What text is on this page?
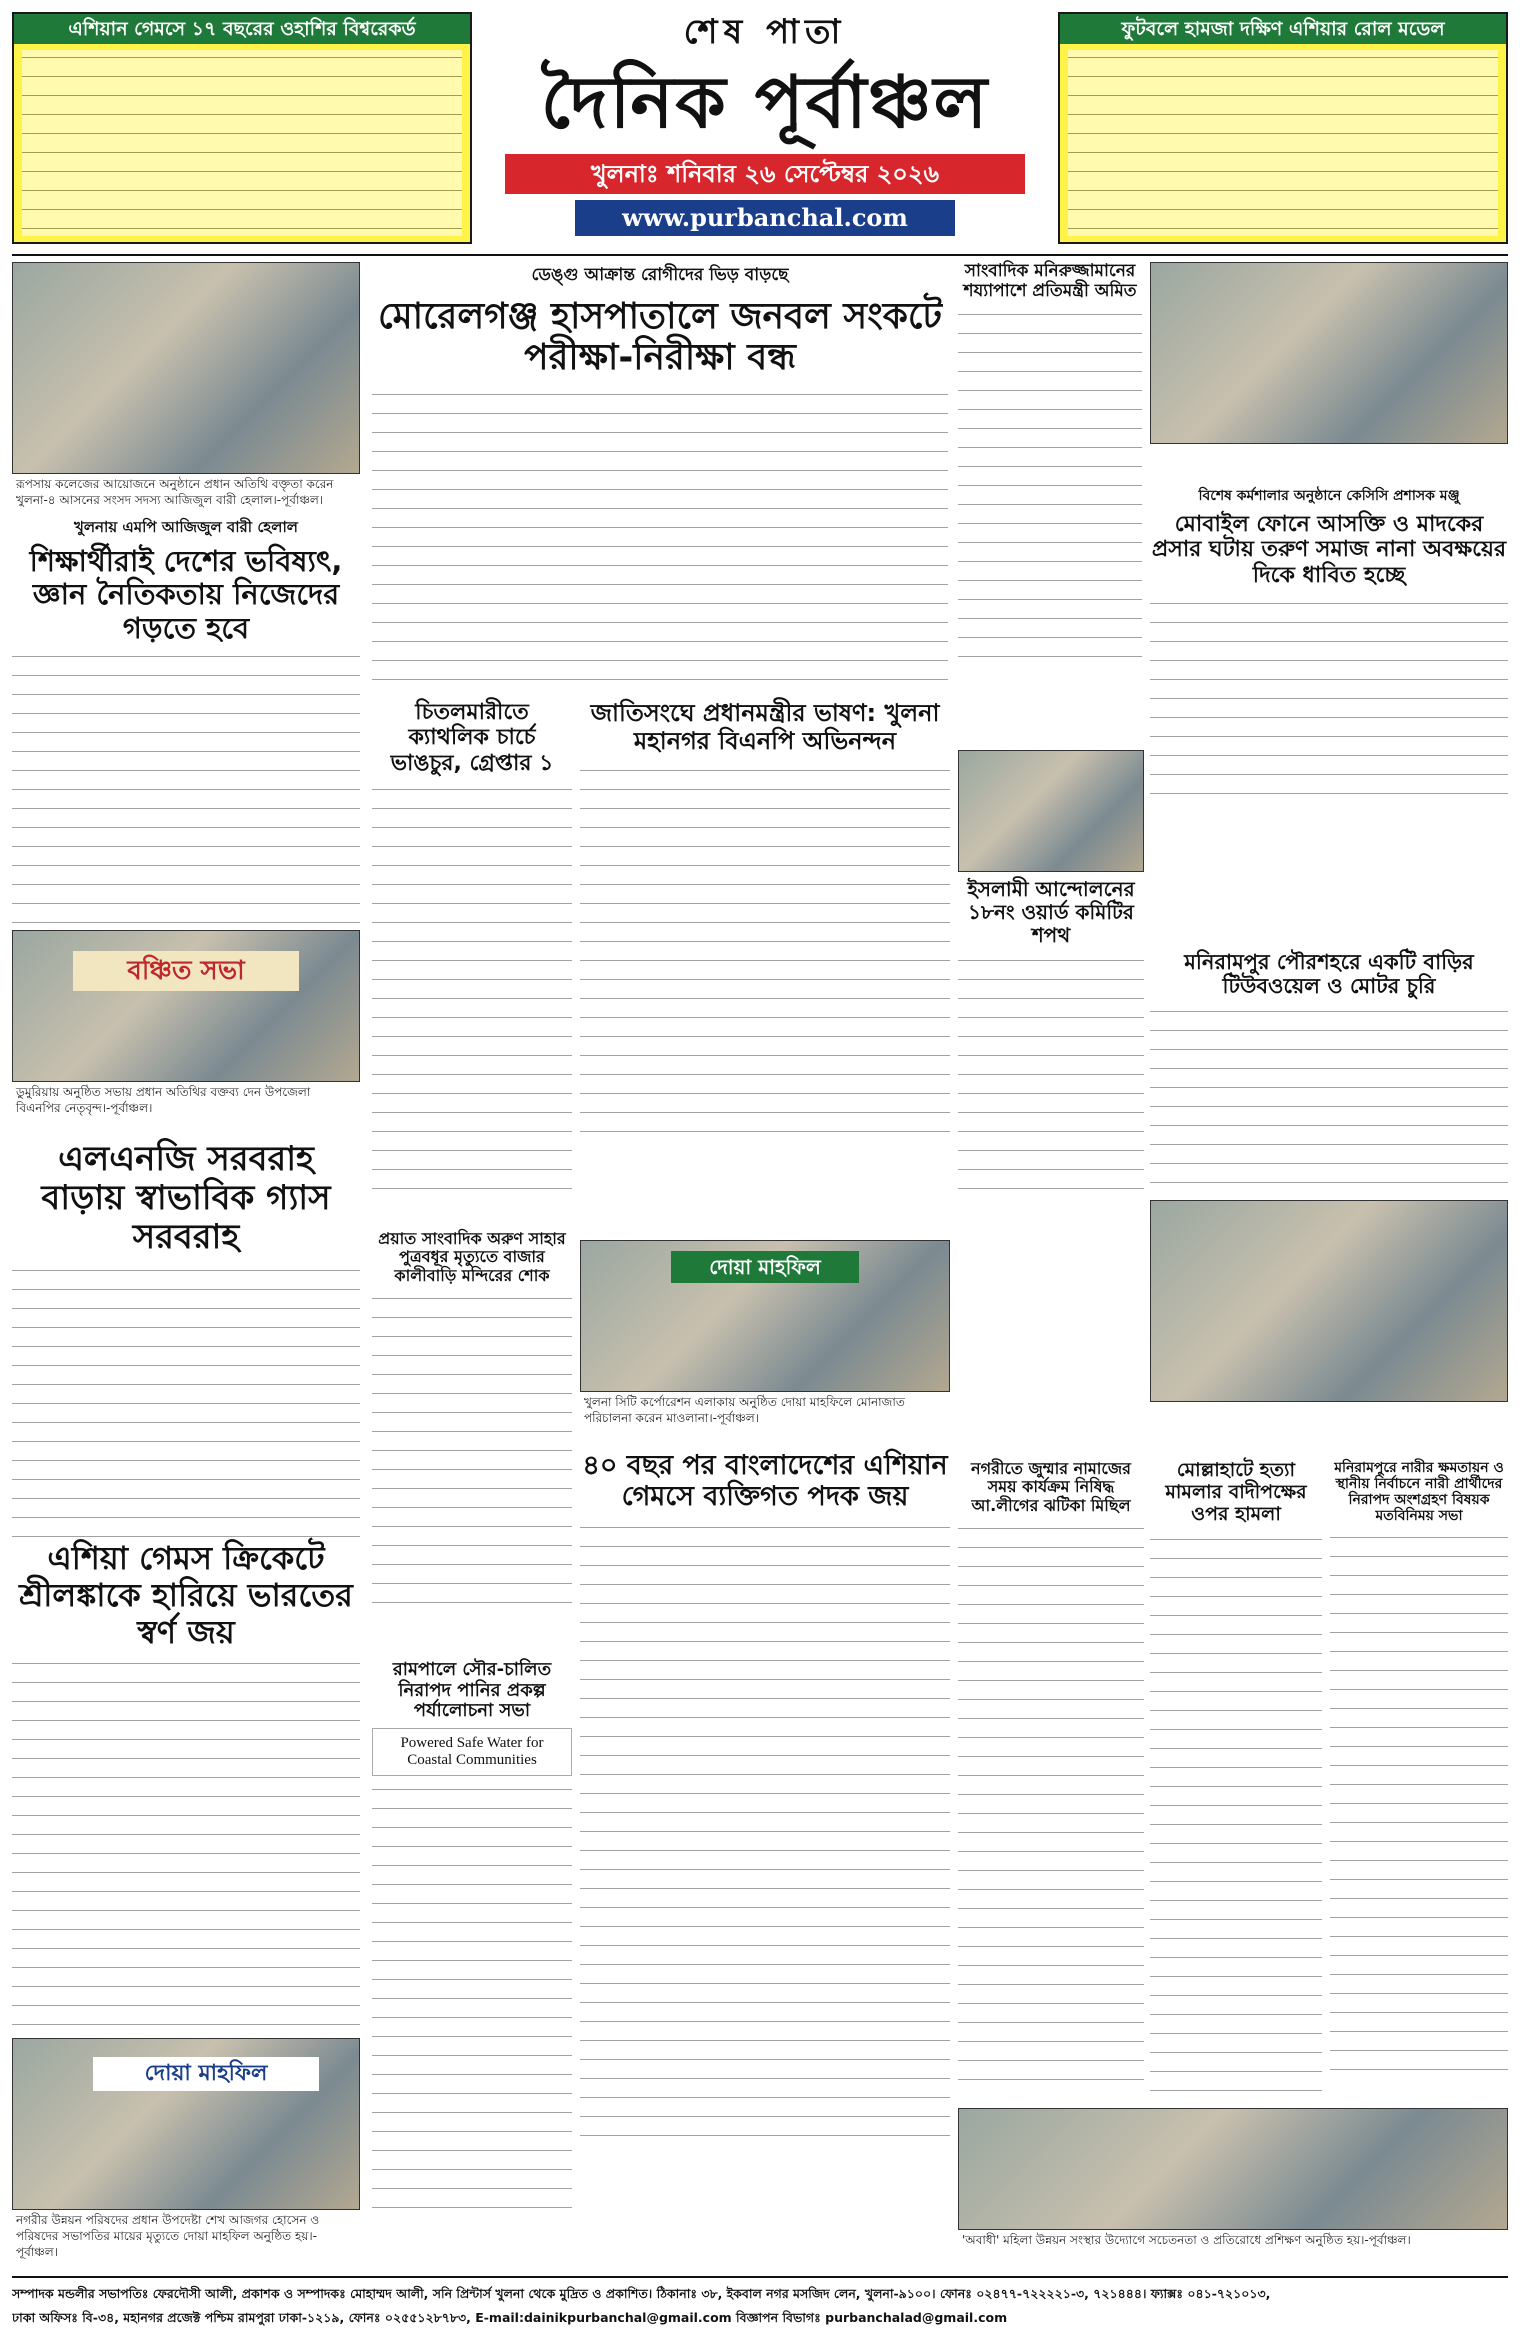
এশিয়ান গেমসে ১৭ বছরের ওহাশির বিশ্বরেকর্ড	শেষ পাতা
দৈনিক পূর্বাঞ্চল
খুলনাঃ শনিবার ২৬ সেপ্টেম্বর ২০২৬
www.purbanchal.com
ফুটবলে হামজা দক্ষিণ এশিয়ার রোল মডেল
রূপসায় কলেজের আয়োজনে অনুষ্ঠানে প্রধান অতিথি বক্তৃতা করেন খুলনা-৪ আসনের সংসদ সদস্য আজিজুল বারী হেলাল।-পূর্বাঞ্চল।
খুলনায় এমপি আজিজুল বারী হেলাল
শিক্ষার্থীরাই দেশের ভবিষ্যৎ, জ্ঞান নৈতিকতায় নিজেদের গড়তে হবে
বঞ্চিত সভা
ডুমুরিয়ায় অনুষ্ঠিত সভায় প্রধান অতিথির বক্তব্য দেন উপজেলা বিএনপির নেতৃবৃন্দ।-পূর্বাঞ্চল।
এলএনজি সরবরাহ বাড়ায় স্বাভাবিক গ্যাস সরবরাহ
এশিয়া গেমস ক্রিকেটে শ্রীলঙ্কাকে হারিয়ে ভারতের স্বর্ণ জয়
দোয়া মাহফিল
নগরীর উন্নয়ন পরিষদের প্রধান উপদেষ্টা শেখ আজগর হোসেন ও পরিষদের সভাপতির মায়ের মৃত্যুতে দোয়া মাহফিল অনুষ্ঠিত হয়।-পূর্বাঞ্চল।
ডেঙ্গু আক্রান্ত রোগীদের ভিড় বাড়ছে
মোরেলগঞ্জ হাসপাতালে জনবল সংকটে পরীক্ষা-নিরীক্ষা বন্ধ
সাংবাদিক মনিরুজ্জামানের শয্যাপাশে প্রতিমন্ত্রী অমিত
বিশেষ কর্মশালার অনুষ্ঠানে কেসিসি প্রশাসক মঞ্জু
মোবাইল ফোনে আসক্তি ও মাদকের প্রসার ঘটায় তরুণ সমাজ নানা অবক্ষয়ের দিকে ধাবিত হচ্ছে
চিতলমারীতে ক্যাথলিক চার্চে ভাঙচুর, গ্রেপ্তার ১
জাতিসংঘে প্রধানমন্ত্রীর ভাষণ: খুলনা মহানগর বিএনপি অভিনন্দন
ইসলামী আন্দোলনের ১৮নং ওয়ার্ড কমিটির শপথ
মনিরামপুর পৌরশহরে একটি বাড়ির টিউবওয়েল ও মোটর চুরি
প্রয়াত সাংবাদিক অরুণ সাহার পুত্রবধূর মৃত্যুতে বাজার কালীবাড়ি মন্দিরের শোক	দোয়া মাহফিল
খুলনা সিটি কর্পোরেশন এলাকায় অনুষ্ঠিত দোয়া মাহফিলে মোনাজাত পরিচালনা করেন মাওলানা।-পূর্বাঞ্চল।
নগরীতে জুম্মার নামাজের সময় কার্যক্রম নিষিদ্ধ আ.লীগের ঝটিকা মিছিল
৪০ বছর পর বাংলাদেশের এশিয়ান গেমসে ব্যক্তিগত পদক জয়
রামপালে সৌর-চালিত নিরাপদ পানির প্রকল্প পর্যালোচনা সভা
Powered Safe Water for Coastal Communities
মোল্লাহাটে হত্যা মামলার বাদীপক্ষের ওপর হামলা
মনিরামপুরে নারীর ক্ষমতায়ন ও স্থানীয় নির্বাচনে নারী প্রার্থীদের নিরাপদ অংশগ্রহণ বিষয়ক মতবিনিময় সভা
'অবাধী' মহিলা উন্নয়ন সংস্থার উদ্যোগে সচেতনতা ও প্রতিরোধে প্রশিক্ষণ অনুষ্ঠিত হয়।-পূর্বাঞ্চল।
সম্পাদক মন্ডলীর সভাপতিঃ ফেরদৌসী আলী, প্রকাশক ও সম্পাদকঃ মোহাম্মদ আলী, সনি প্রিন্টার্স খুলনা থেকে মুদ্রিত ও প্রকাশিত। ঠিকানাঃ ৩৮, ইকবাল নগর মসজিদ লেন, খুলনা-৯১০০। ফোনঃ ০২৪৭৭-৭২২২২১-৩, ৭২১৪৪৪। ফ্যাক্সঃ ০৪১-৭২১০১৩,
ঢাকা অফিসঃ বি-৩৪, মহানগর প্রজেক্ট পশ্চিম রামপুরা ঢাকা-১২১৯, ফোনঃ ০২৫৫১২৮৭৮৩, E-mail:dainikpurbanchal@gmail.com বিজ্ঞাপন বিভাগঃ purbanchalad@gmail.com
